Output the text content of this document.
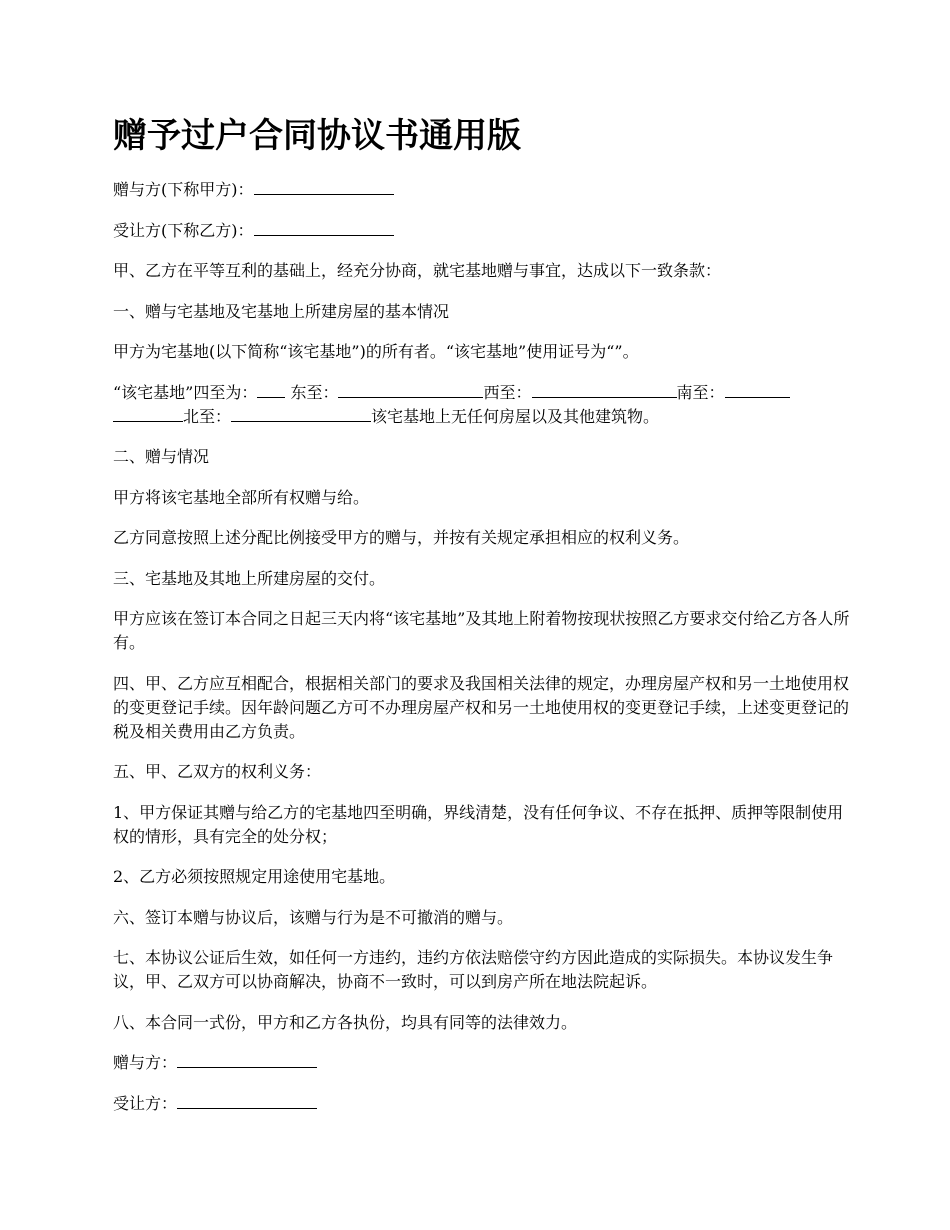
赠予过户合同协议书通用版
赠与方(下称甲方)：
受让方(下称乙方)：
甲、乙方在平等互利的基础上，经充分协商，就宅基地赠与事宜，达成以下一致条款：
一、赠与宅基地及宅基地上所建房屋的基本情况
甲方为宅基地(以下简称“该宅基地”)的所有者。“该宅基地”使用证号为“”。
“该宅基地”四至为： 东至：	西至：	南至： 北至：	该宅基地上无任何房屋以及其他建筑物。
二、赠与情况
甲方将该宅基地全部所有权赠与给。
乙方同意按照上述分配比例接受甲方的赠与，并按有关规定承担相应的权利义务。
三、宅基地及其地上所建房屋的交付。
甲方应该在签订本合同之日起三天内将“该宅基地”及其地上附着物按现状按照乙方要求交付给乙方各人所有。
四、甲、乙方应互相配合，根据相关部门的要求及我国相关法律的规定，办理房屋产权和另一土地使用权的变更登记手续。因年龄问题乙方可不办理房屋产权和另一土地使用权的变更登记手续，上述变更登记的税及相关费用由乙方负责。
五、甲、乙双方的权利义务：
1、甲方保证其赠与给乙方的宅基地四至明确，界线清楚，没有任何争议、不存在抵押、质押等限制使用权的情形，具有完全的处分权；
2、乙方必须按照规定用途使用宅基地。
六、签订本赠与协议后，该赠与行为是不可撤消的赠与。
七、本协议公证后生效，如任何一方违约，违约方依法赔偿守约方因此造成的实际损失。本协议发生争议，甲、乙双方可以协商解决，协商不一致时，可以到房产所在地法院起诉。
八、本合同一式份，甲方和乙方各执份，均具有同等的法律效力。
赠与方：
受让方：
